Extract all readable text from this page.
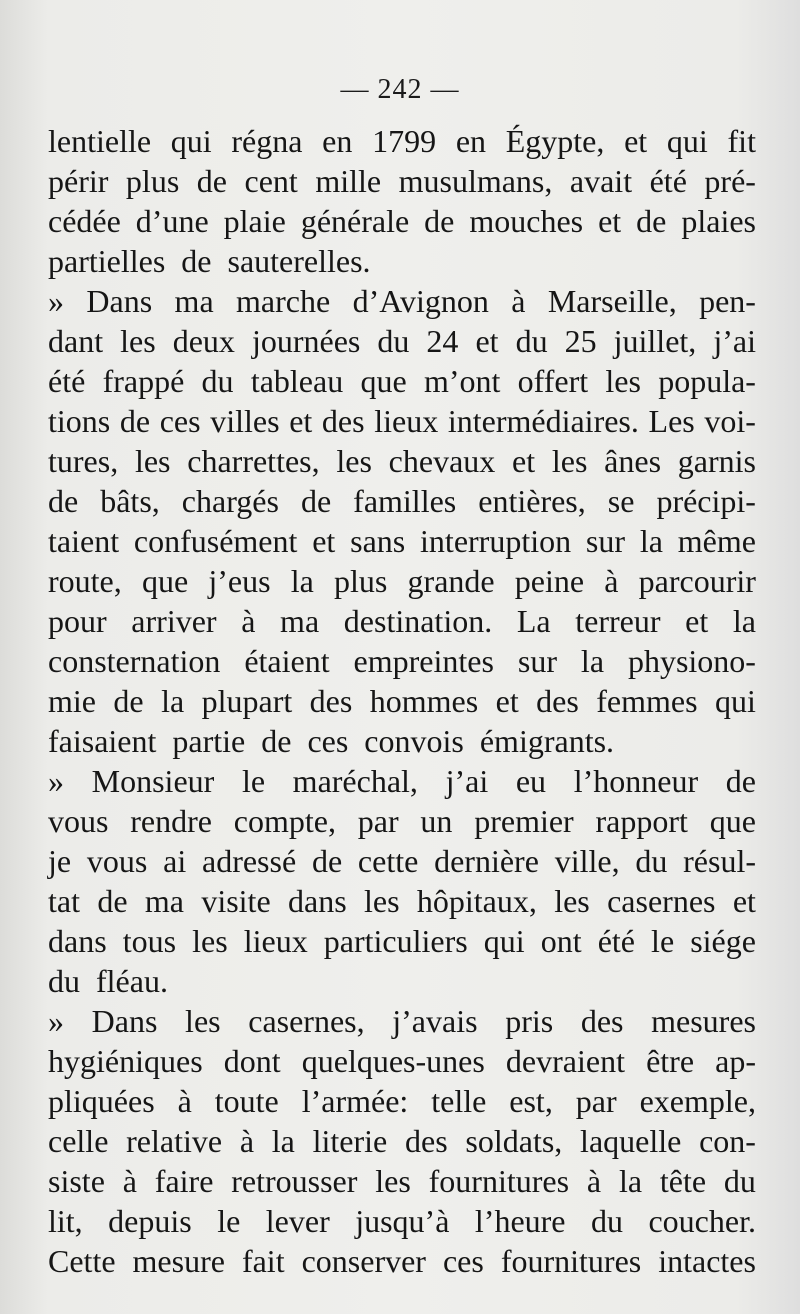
— 242 —
lentielle qui régna en 1799 en Égypte, et qui fit
périr plus de cent mille musulmans, avait été pré-
cédée d’une plaie générale de mouches et de plaies
partielles de sauterelles.
» Dans ma marche d’Avignon à Marseille, pen-
dant les deux journées du 24 et du 25 juillet, j’ai
été frappé du tableau que m’ont offert les popula-
tions de ces villes et des lieux intermédiaires. Les voi-
tures, les charrettes, les chevaux et les ânes garnis
de bâts, chargés de familles entières, se précipi-
taient confusément et sans interruption sur la même
route, que j’eus la plus grande peine à parcourir
pour arriver à ma destination. La terreur et la
consternation étaient empreintes sur la physiono-
mie de la plupart des hommes et des femmes qui
faisaient partie de ces convois émigrants.
» Monsieur le maréchal, j’ai eu l’honneur de
vous rendre compte, par un premier rapport que
je vous ai adressé de cette dernière ville, du résul-
tat de ma visite dans les hôpitaux, les casernes et
dans tous les lieux particuliers qui ont été le siége
du fléau.
» Dans les casernes, j’avais pris des mesures
hygiéniques dont quelques-unes devraient être ap-
pliquées à toute l’armée: telle est, par exemple,
celle relative à la literie des soldats, laquelle con-
siste à faire retrousser les fournitures à la tête du
lit, depuis le lever jusqu’à l’heure du coucher.
Cette mesure fait conserver ces fournitures intactes
